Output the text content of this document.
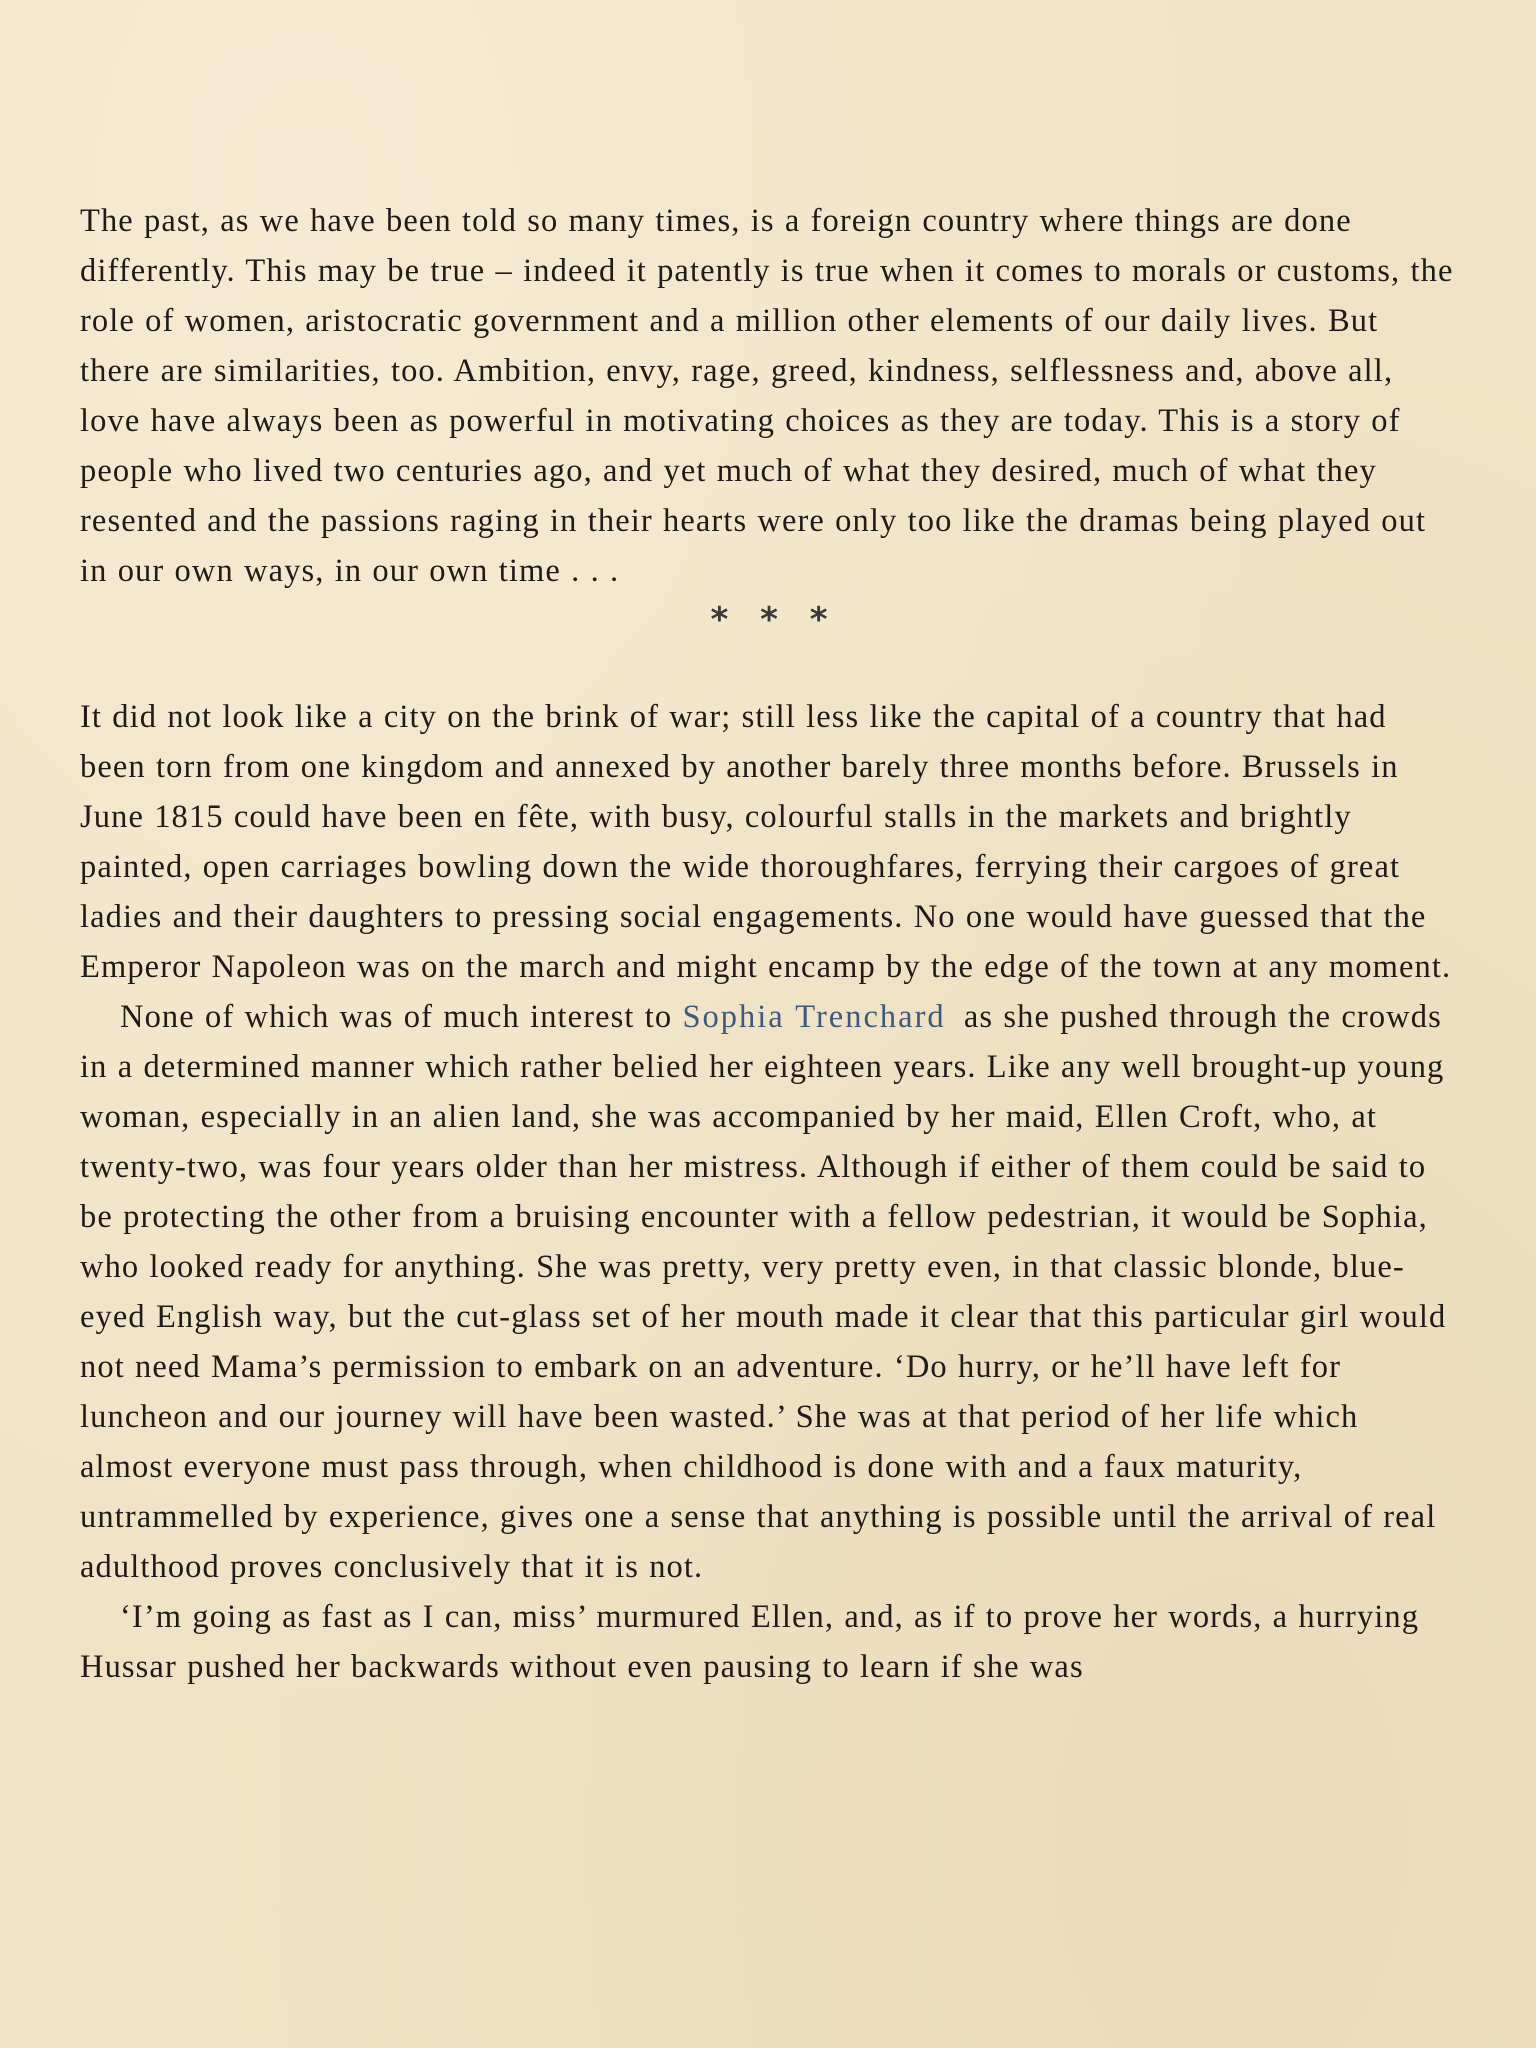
The past, as we have been told so many times, is a foreign country where things are done differently. This may be true – indeed it patently is true when it comes to morals or customs, the role of women, aristocratic government and a million other elements of our daily lives. But there are similarities, too. Ambition, envy, rage, greed, kindness, selflessness and, above all, love have always been as powerful in motivating choices as they are today. This is a story of people who lived two centuries ago, and yet much of what they desired, much of what they resented and the passions raging in their hearts were only too like the dramas being played out in our own ways, in our own time . . .

* * *

It did not look like a city on the brink of war; still less like the capital of a country that had been torn from one kingdom and annexed by another barely three months before. Brussels in June 1815 could have been en fête, with busy, colourful stalls in the markets and brightly painted, open carriages bowling down the wide thoroughfares, ferrying their cargoes of great ladies and their daughters to pressing social engagements. No one would have guessed that the Emperor Napoleon was on the march and might encamp by the edge of the town at any moment.

None of which was of much interest to Sophia Trenchard as she pushed through the crowds in a determined manner which rather belied her eighteen years. Like any well brought-up young woman, especially in an alien land, she was accompanied by her maid, Ellen Croft, who, at twenty-two, was four years older than her mistress. Although if either of them could be said to be protecting the other from a bruising encounter with a fellow pedestrian, it would be Sophia, who looked ready for anything. She was pretty, very pretty even, in that classic blonde, blue-eyed English way, but the cut-glass set of her mouth made it clear that this particular girl would not need Mama’s permission to embark on an adventure. ‘Do hurry, or he’ll have left for luncheon and our journey will have been wasted.’ She was at that period of her life which almost everyone must pass through, when childhood is done with and a faux maturity, untrammelled by experience, gives one a sense that anything is possible until the arrival of real adulthood proves conclusively that it is not.

‘I’m going as fast as I can, miss’ murmured Ellen, and, as if to prove her words, a hurrying Hussar pushed her backwards without even pausing to learn if she was
